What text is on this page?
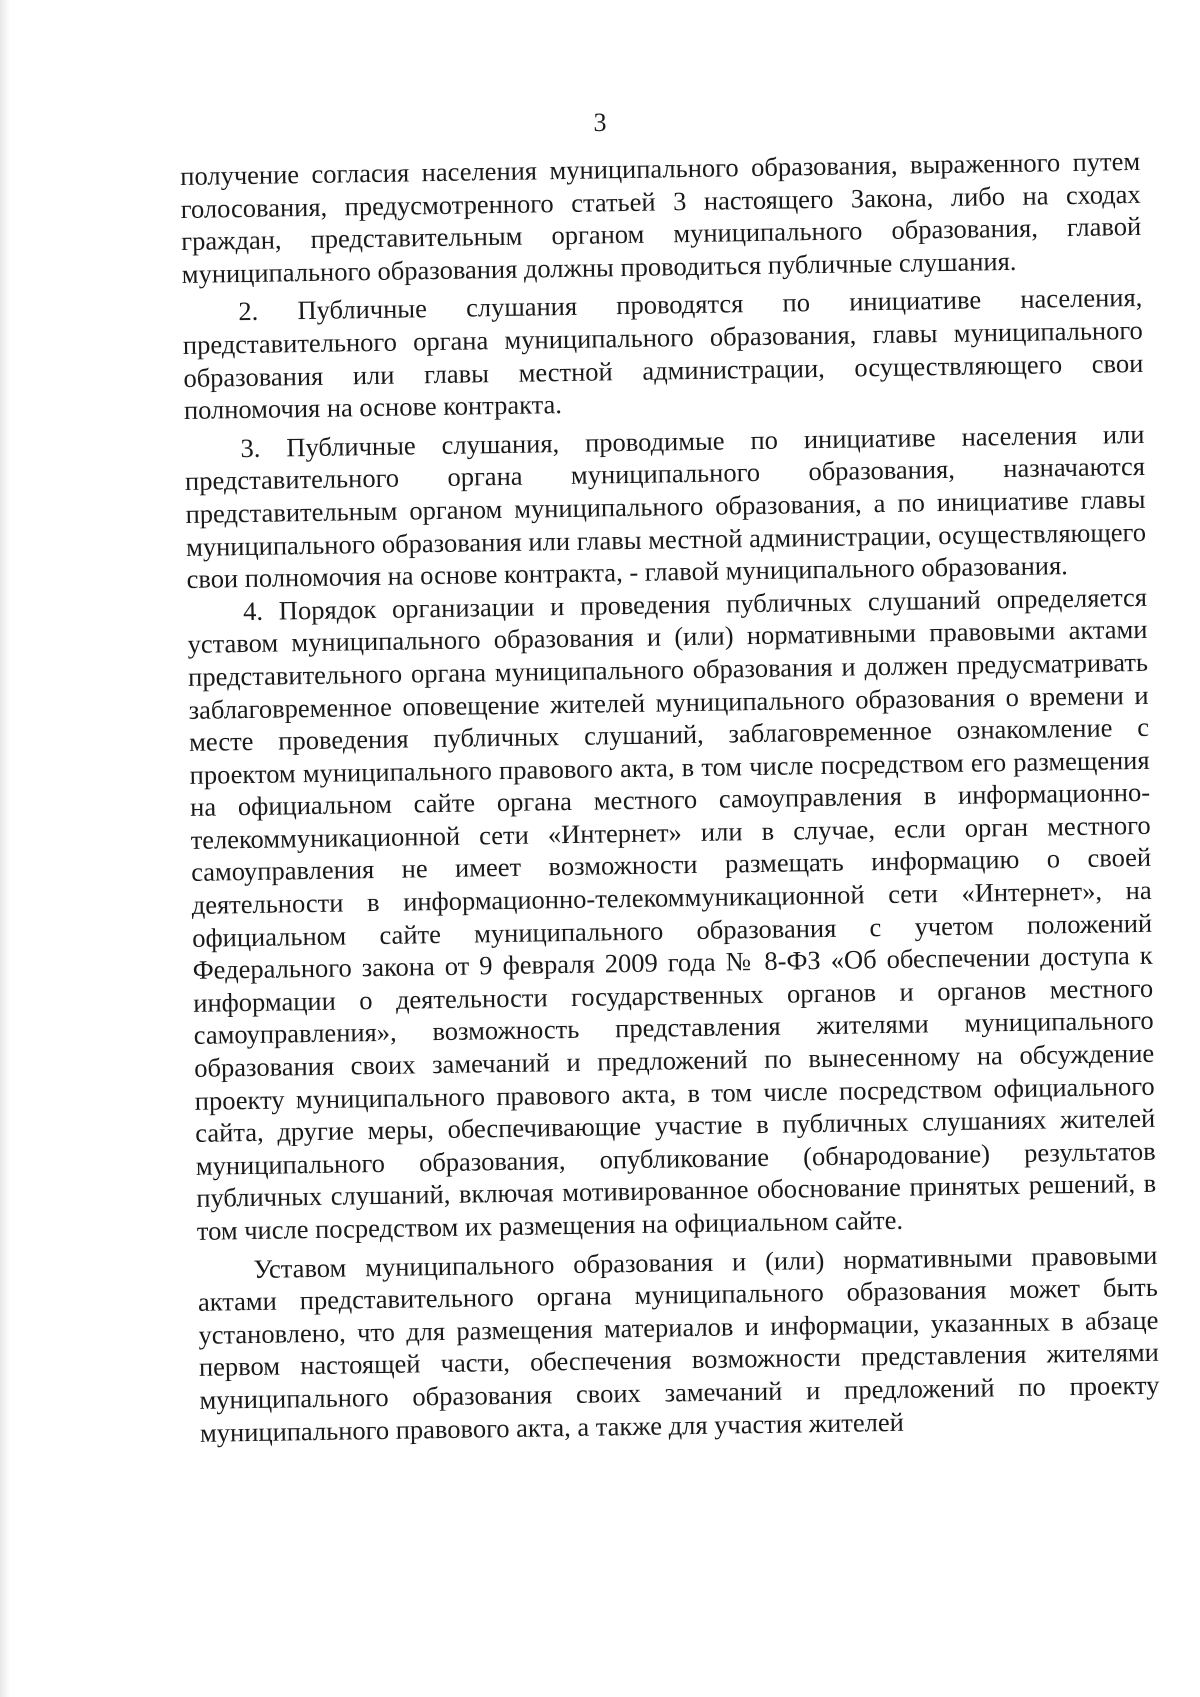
3

получение согласия населения муниципального образования, выраженного путем голосования, предусмотренного статьей 3 настоящего Закона, либо на сходах граждан, представительным органом муниципального образования, главой муниципального образования должны проводиться публичные слушания.

2. Публичные слушания проводятся по инициативе населения, представительного органа муниципального образования, главы муниципального образования или главы местной администрации, осуществляющего свои полномочия на основе контракта.

3. Публичные слушания, проводимые по инициативе населения или представительного органа муниципального образования, назначаются представительным органом муниципального образования, а по инициативе главы муниципального образования или главы местной администрации, осуществляющего свои полномочия на основе контракта, - главой муниципального образования.

4. Порядок организации и проведения публичных слушаний определяется уставом муниципального образования и (или) нормативными правовыми актами представительного органа муниципального образования и должен предусматривать заблаговременное оповещение жителей муниципального образования о времени и месте проведения публичных слушаний, заблаговременное ознакомление с проектом муниципального правового акта, в том числе посредством его размещения на официальном сайте органа местного самоуправления в информационно-телекоммуникационной сети «Интернет» или в случае, если орган местного самоуправления не имеет возможности размещать информацию о своей деятельности в информационно-телекоммуникационной сети «Интернет», на официальном сайте муниципального образования с учетом положений Федерального закона от 9 февраля 2009 года № 8-ФЗ «Об обеспечении доступа к информации о деятельности государственных органов и органов местного самоуправления», возможность представления жителями муниципального образования своих замечаний и предложений по вынесенному на обсуждение проекту муниципального правового акта, в том числе посредством официального сайта, другие меры, обеспечивающие участие в публичных слушаниях жителей муниципального образования, опубликование (обнародование) результатов публичных слушаний, включая мотивированное обоснование принятых решений, в том числе посредством их размещения на официальном сайте.

Уставом муниципального образования и (или) нормативными правовыми актами представительного органа муниципального образования может быть установлено, что для размещения материалов и информации, указанных в абзаце первом настоящей части, обеспечения возможности представления жителями муниципального образования своих замечаний и предложений по проекту муниципального правового акта, а также для участия жителей
